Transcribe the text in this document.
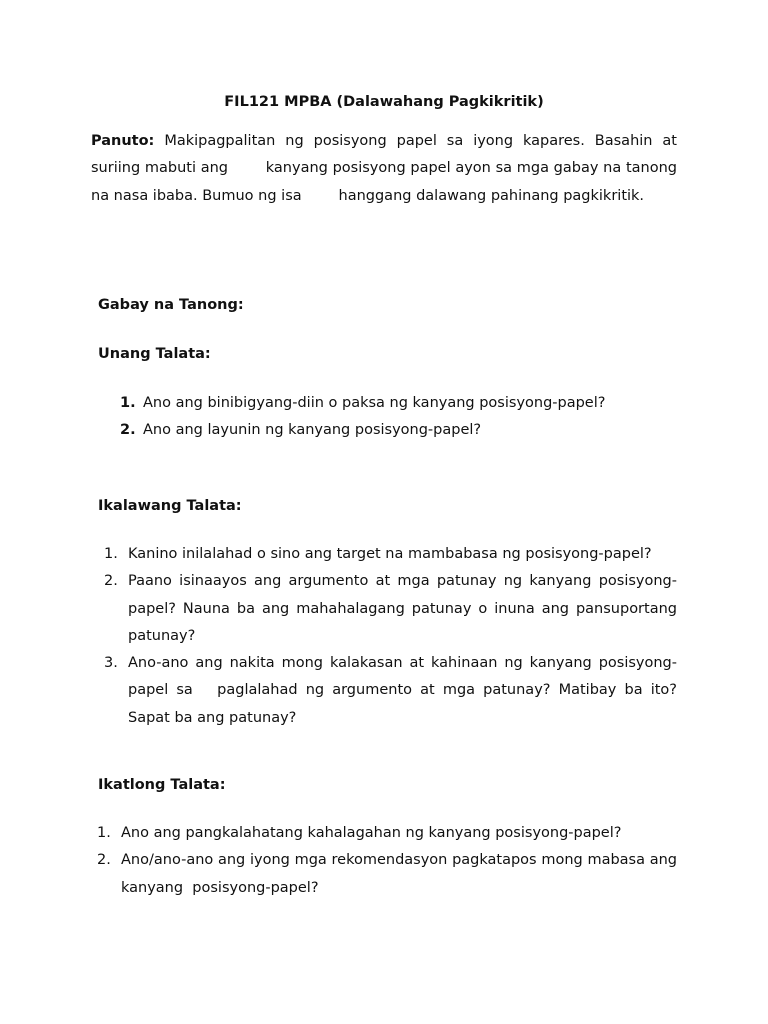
FIL121 MPBA (Dalawahang Pagkikritik)

Panuto: Makipagpalitan ng posisyong papel sa iyong kapares. Basahin at suriing mabuti ang        kanyang posisyong papel ayon sa mga gabay na tanong na nasa ibaba. Bumuo ng isa        hanggang dalawang pahinang pagkikritik.

Gabay na Tanong:
Unang Talata:
1. Ano ang binibigyang-diin o paksa ng kanyang posisyong-papel?
2. Ano ang layunin ng kanyang posisyong-papel?
Ikalawang Talata:
1. Kanino inilalahad o sino ang target na mambabasa ng posisyong-papel?
2. Paano isinaayos ang argumento at mga patunay ng kanyang posisyong-papel? Nauna ba ang mahahalagang patunay o inuna ang pansuportang patunay?
3. Ano-ano ang nakita mong kalakasan at kahinaan ng kanyang posisyong-papel sa   paglalahad ng argumento at mga patunay? Matibay ba ito? Sapat ba ang patunay?
Ikatlong Talata:
1. Ano ang pangkalahatang kahalagahan ng kanyang posisyong-papel?
2. Ano/ano-ano ang iyong mga rekomendasyon pagkatapos mong mabasa ang kanyang  posisyong-papel?
